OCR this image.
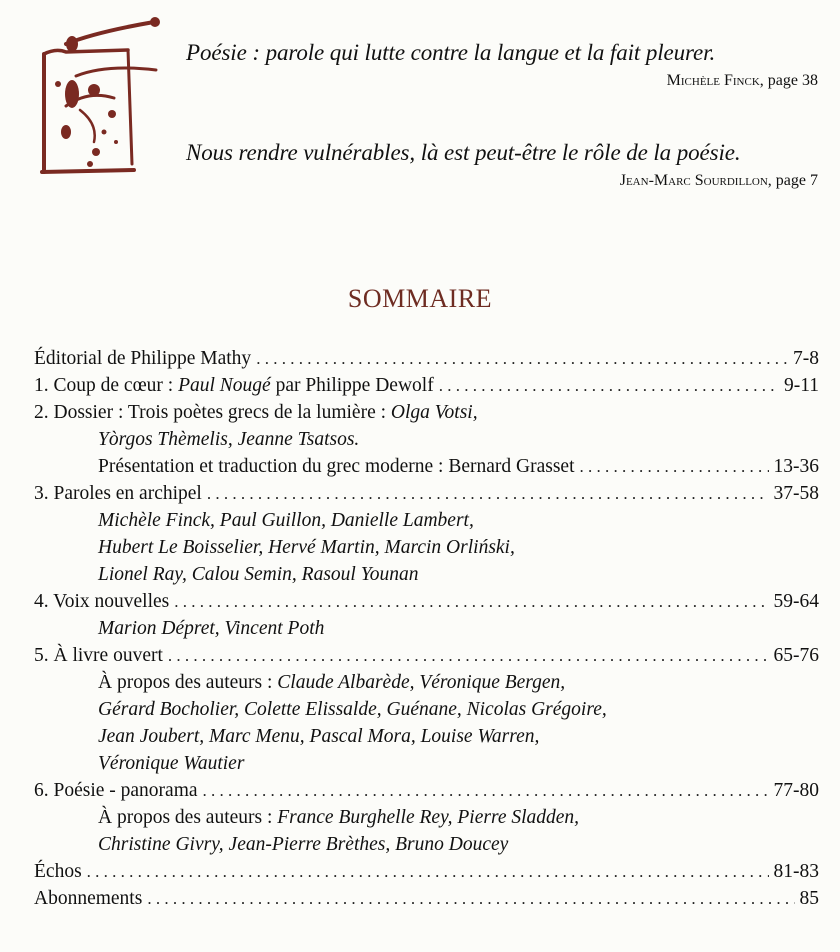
Poésie : parole qui lutte contre la langue et la fait pleurer.
Michèle Finck, page 38
Nous rendre vulnérables, là est peut-être le rôle de la poésie.
Jean-Marc Sourdillon, page 7
SOMMAIRE
Éditorial de Philippe Mathy . . .	7-8
1. Coup de cœur : Paul Nougé par Philippe Dewolf . . .	9-11
2. Dossier : Trois poètes grecs de la lumière : Olga Votsi,
Yòrgos Thèmelis, Jeanne Tsatsos.
Présentation et traduction du grec moderne : Bernard Grasset . . .	13-36
3. Paroles en archipel . . .	37-58
Michèle Finck, Paul Guillon, Danielle Lambert,
Hubert Le Boisselier, Hervé Martin, Marcin Orliński,
Lionel Ray, Calou Semin, Rasoul Younan
4. Voix nouvelles . . .	59-64
Marion Dépret, Vincent Poth
5. À livre ouvert . . .	65-76
À propos des auteurs : Claude Albarède, Véronique Bergen,
Gérard Bocholier, Colette Elissalde, Guénane, Nicolas Grégoire,
Jean Joubert, Marc Menu, Pascal Mora, Louise Warren,
Véronique Wautier
6. Poésie - panorama . . .	77-80
À propos des auteurs : France Burghelle Rey, Pierre Sladden,
Christine Givry, Jean-Pierre Brèthes, Bruno Doucey
Échos . . .	81-83
Abonnements . . .	85
